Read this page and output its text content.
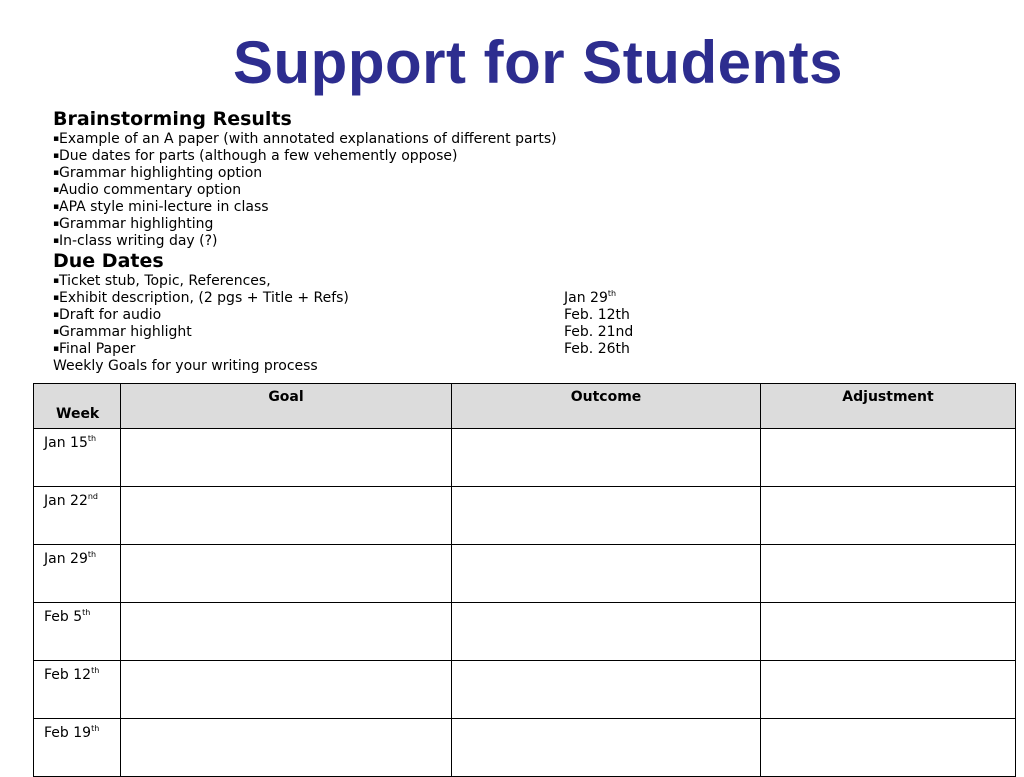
Support for Students
Brainstorming Results
▪Example of an A paper (with annotated explanations of different parts)
▪Due dates for parts (although a few vehemently oppose)
▪Grammar highlighting option
▪Audio commentary option
▪APA style mini-lecture in class
▪Grammar highlighting
▪In-class writing day (?)
Due Dates
▪Ticket stub, Topic, References,
▪Exhibit description, (2 pgs + Title + Refs)	Jan 29th
▪Draft for audio	Feb. 12th
▪Grammar highlight	Feb. 21nd
▪Final Paper	Feb. 26th
Weekly Goals for your writing process
Week	Goal	Outcome	Adjustment

Jan 15th

Jan 22nd

Jan 29th

Feb 5th

Feb 12th

Feb 19th
